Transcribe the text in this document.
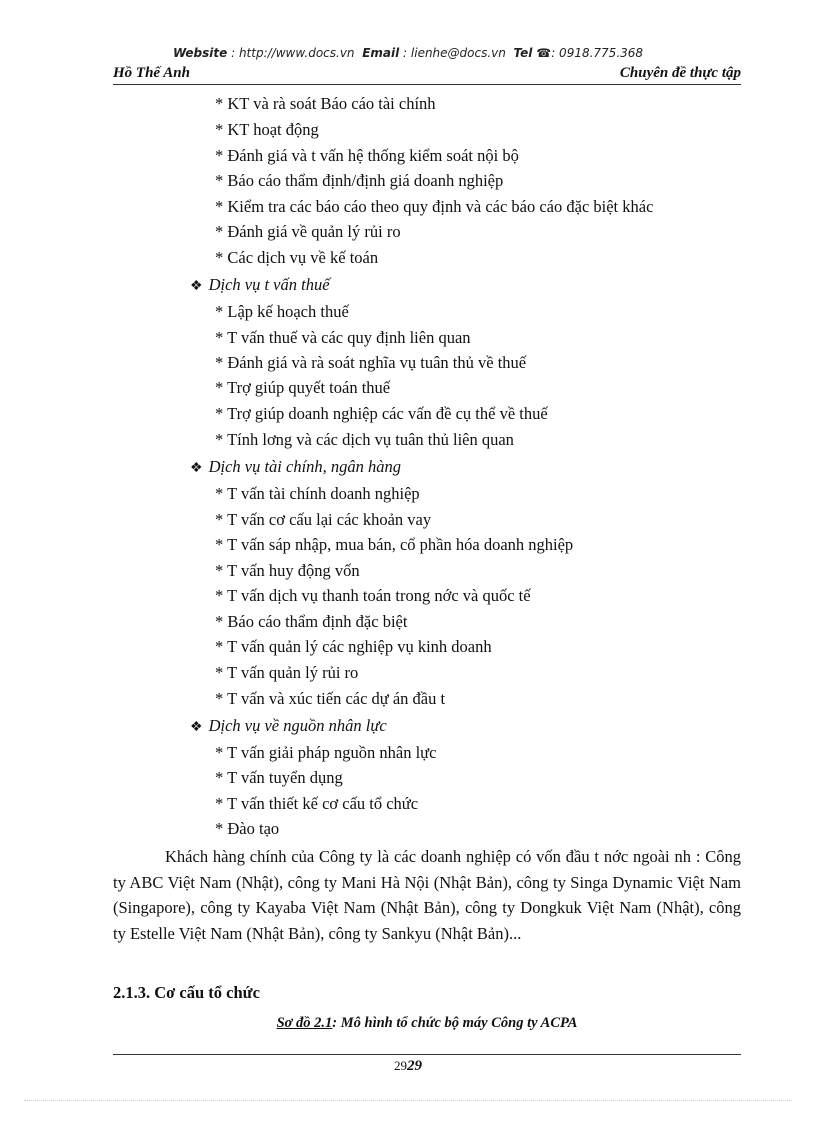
Website : http://www.docs.vn Email : lienhe@docs.vn Tel ☎: 0918.775.368
Hồ Thế Anh	Chuyên đề thực tập
* KT và rà soát Báo cáo tài chính
* KT hoạt động
* Đánh giá và t vấn hệ thống kiểm soát nội bộ
* Báo cáo thẩm định/định giá doanh nghiệp
* Kiểm tra các báo cáo theo quy định và các báo cáo đặc biệt khác
* Đánh giá về quản lý rủi ro
* Các dịch vụ về kế toán
❖ Dịch vụ t vấn thuế
* Lập kế hoạch thuế
* T vấn thuế và các quy định liên quan
* Đánh giá và rà soát nghĩa vụ tuân thủ về thuế
* Trợ giúp quyết toán thuế
* Trợ giúp doanh nghiệp các vấn đề cụ thể về thuế
* Tính lơng và các dịch vụ tuân thủ liên quan
❖ Dịch vụ tài chính, ngân hàng
* T vấn tài chính doanh nghiệp
* T vấn cơ cấu lại các khoản vay
* T vấn sáp nhập, mua bán, cổ phần hóa doanh nghiệp
* T vấn huy động vốn
* T vấn dịch vụ thanh toán trong nớc và quốc tế
* Báo cáo thẩm định đặc biệt
* T vấn quản lý các nghiệp vụ kinh doanh
* T vấn quản lý rủi ro
* T vấn và xúc tiến các dự án đầu t
❖ Dịch vụ về nguồn nhân lực
* T vấn giải pháp nguồn nhân lực
* T vấn tuyển dụng
* T vấn thiết kế cơ cấu tổ chức
* Đào tạo
Khách hàng chính của Công ty là các doanh nghiệp có vốn đầu t nớc ngoài nh : Công ty ABC Việt Nam (Nhật), công ty Mani Hà Nội (Nhật Bản), công ty Singa Dynamic Việt Nam (Singapore), công ty Kayaba Việt Nam (Nhật Bản), công ty Dongkuk Việt Nam (Nhật), công ty Estelle Việt Nam (Nhật Bản), công ty Sankyu (Nhật Bản)...
2.1.3. Cơ cấu tổ chức
Sơ đồ 2.1: Mô hình tổ chức bộ máy Công ty ACPA
2929
